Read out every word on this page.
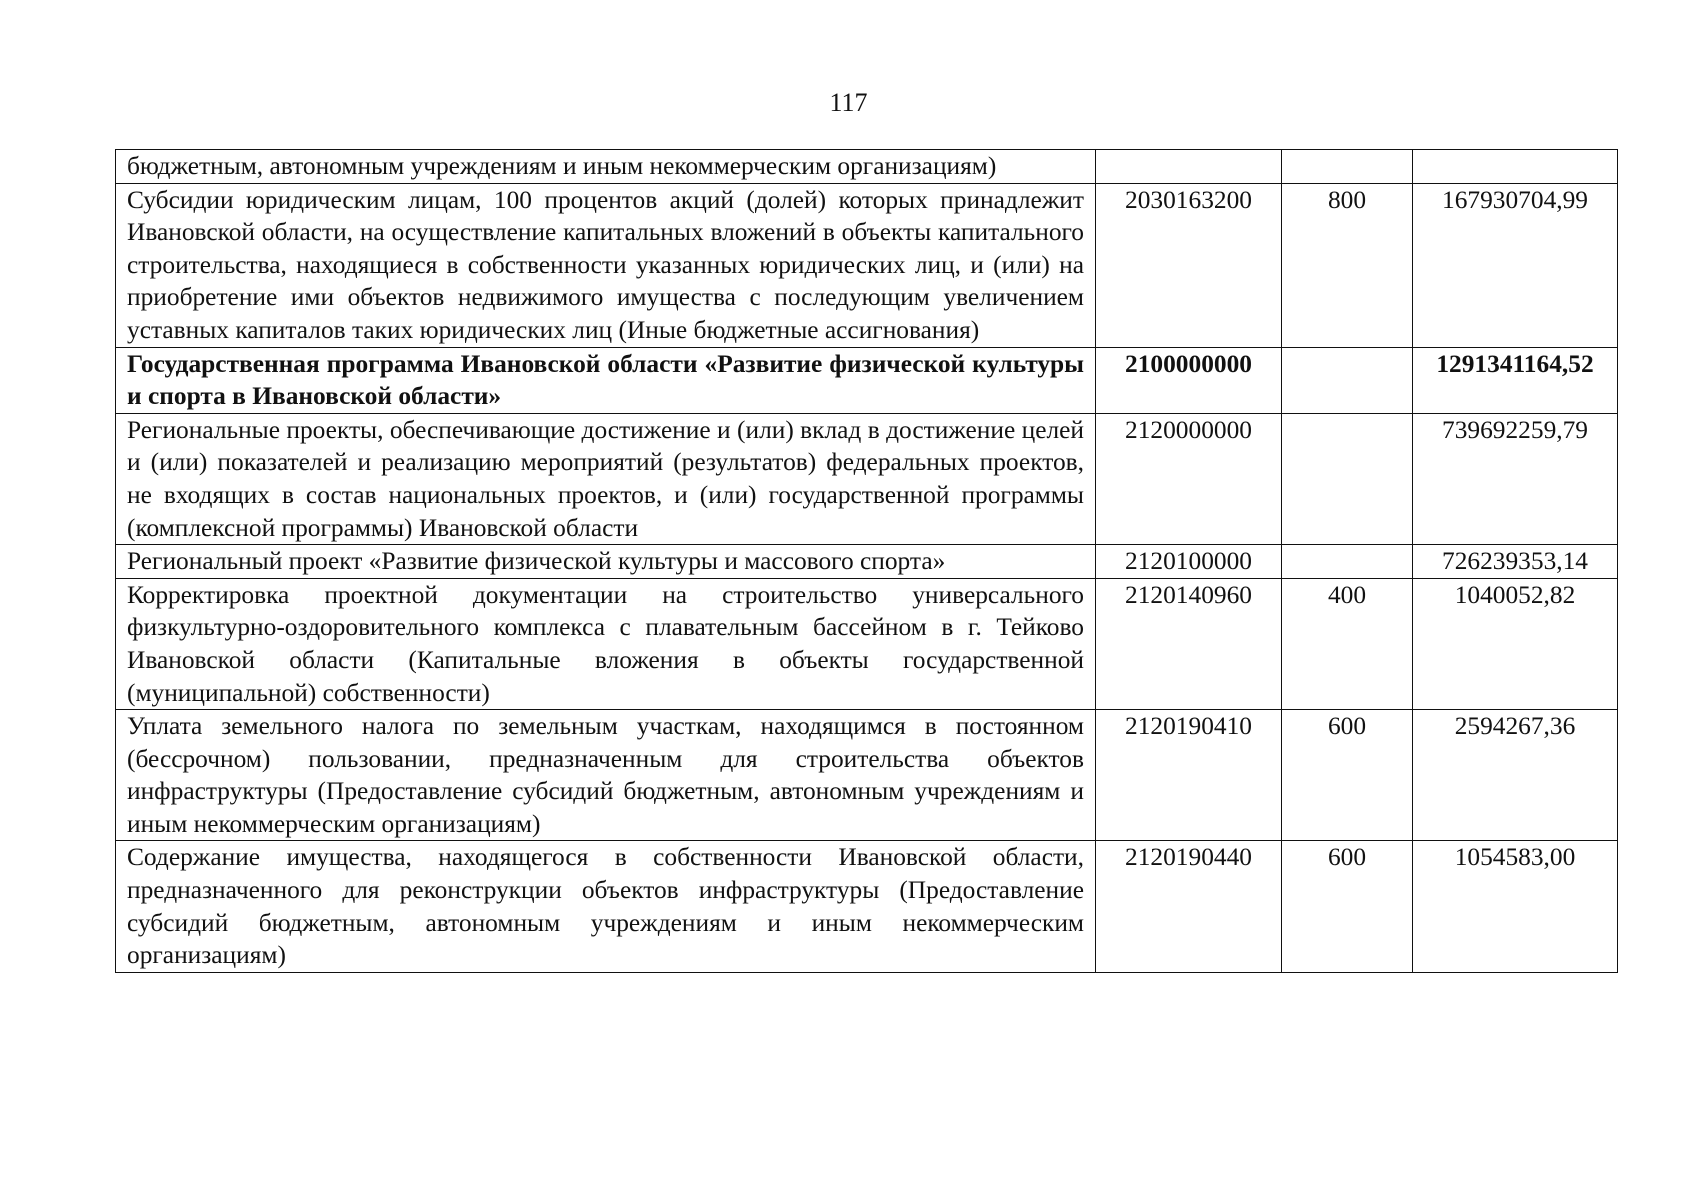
117
бюджетным, автономным учреждениям и иным некоммерческим организациям)			
Субсидии юридическим лицам, 100 процентов акций (долей) которых принадлежит Ивановской области, на осуществление капитальных вложений в объекты капитального строительства, находящиеся в собственности указанных юридических лиц, и (или) на приобретение ими объектов недвижимого имущества с последующим увеличением уставных капиталов таких юридических лиц (Иные бюджетные ассигнования)	2030163200	800	167930704,99
Государственная программа Ивановской области «Развитие физической культуры и спорта в Ивановской области»	2100000000		1291341164,52
Региональные проекты, обеспечивающие достижение и (или) вклад в достижение целей и (или) показателей и реализацию мероприятий (результатов) федеральных проектов, не входящих в состав национальных проектов, и (или) государственной программы (комплексной программы) Ивановской области	2120000000		739692259,79
Региональный проект «Развитие физической культуры и массового спорта»	2120100000		726239353,14
Корректировка проектной документации на строительство универсального физкультурно-оздоровительного комплекса с плавательным бассейном в г. Тейково Ивановской области (Капитальные вложения в объекты государственной (муниципальной) собственности)	2120140960	400	1040052,82
Уплата земельного налога по земельным участкам, находящимся в постоянном (бессрочном) пользовании, предназначенным для строительства объектов инфраструктуры (Предоставление субсидий бюджетным, автономным учреждениям и иным некоммерческим организациям)	2120190410	600	2594267,36
Содержание имущества, находящегося в собственности Ивановской области, предназначенного для реконструкции объектов инфраструктуры (Предоставление субсидий бюджетным, автономным учреждениям и иным некоммерческим организациям)	2120190440	600	1054583,00
